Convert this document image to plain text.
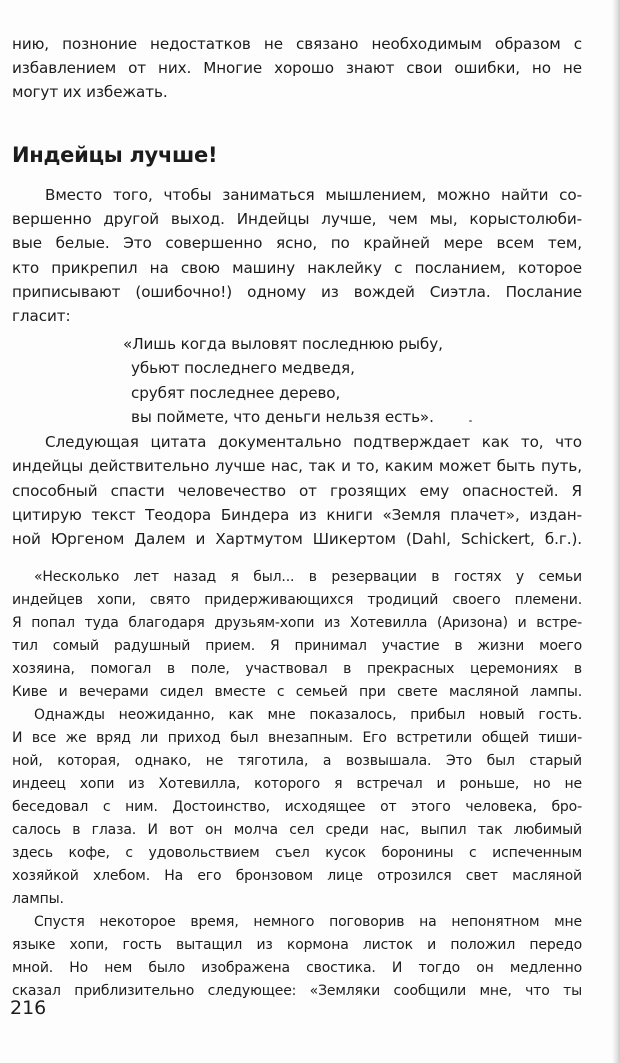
нию, позноние недостатков не связано необходимым образом с

избавлением от них. Многие хорошо знают свои ошибки, но не

могут их избежать.

Индейцы лучше!

Вместо того, чтобы заниматься мышлением, можно найти со-

вершенно другой выход. Индейцы лучше, чем мы, корыстолюби-

вые белые. Это совершенно ясно, по крайней мере всем тем,

кто прикрепил на свою машину наклейку с посланием, которое

приписывают (ошибочно!) одному из вождей Сиэтла. Послание

гласит:

«Лишь когда выловят последнюю рыбу,

убьют последнего медведя,

срубят последнее дерево,

вы поймете, что деньги нельзя есть».

Следующая цитата документально подтверждает как то, что

индейцы действительно лучше нас, так и то, каким может быть путь,

способный спасти человечество от грозящих ему опасностей. Я

цитирую текст Теодора Биндера из книги «Земля плачет», издан-

ной Юргеном Далем и Хартмутом Шикертом (Dahl, Schickert, б.г.).

«Несколько лет назад я был... в резервации в гостях у семьи

индейцев хопи, свято придерживающихся тродиций своего племени.

Я попал туда благодаря друзьям-хопи из Хотевилла (Аризона) и встре-

тил сомый радушный прием. Я принимал участие в жизни моего

хозяина, помогал в поле, участвовал в прекрасных церемониях в

Киве и вечерами сидел вместе с семьей при свете масляной лампы.

Однажды неожиданно, как мне показалось, прибыл новый гость.

И все же вряд ли приход был внезапным. Его встретили общей тиши-

ной, которая, однако, не тяготила, а возвышала. Это был старый

индеец хопи из Хотевилла, которого я встречал и роньше, но не

беседовал с ним. Достоинство, исходящее от этого человека, бро-

салось в глаза. И вот он молча сел среди нас, выпил так любимый

здесь кофе, с удовольствием съел кусок боронины с испеченным

хозяйкой хлебом. На его бронзовом лице отрозился свет масляной

лампы.

Спустя некоторое время, немного поговорив на непонятном мне

языке хопи, гость вытащил из кормона листок и положил передо

мной. Но нем было изображена свостика. И тогдо он медленно

сказал приблизительно следующее: «Земляки сообщили мне, что ты

216
